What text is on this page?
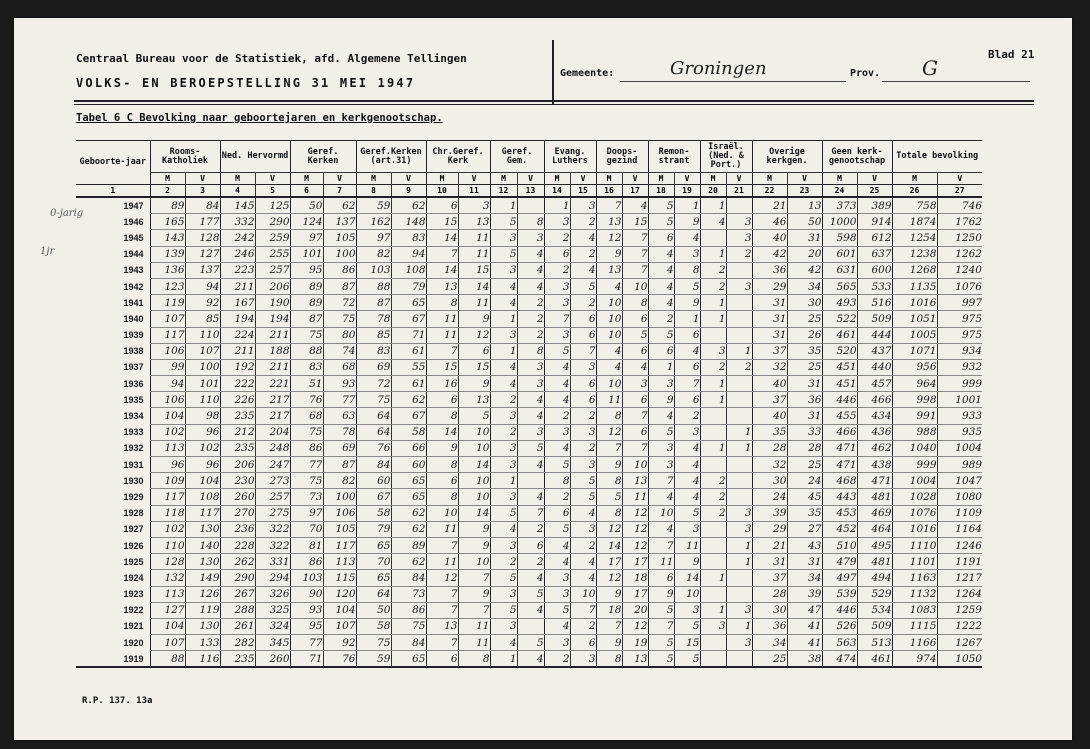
Centraal Bureau voor de Statistiek, afd. Algemene Tellingen
VOLKS- EN BEROEPSTELLING 31 MEI 1947
Gemeente:	Groningen	Prov. G
Blad 21
Tabel 6 C Bevolking naar geboortejaren en kerkgenootschap.
0-jarig
1jr
Geboorte-jaar	Rooms-Katholiek		Ned. Hervormd		Geref. Kerken		Geref.Kerken (art.31)		Chr.Geref. Kerk		Geref. Gem.		Evang. Luthers		Doops-gezind		Remon-strant		Israël. (Ned. & Port.)		Overige kerkgen.		Geen kerk-genootschap		Totale bevolking	
	M	V	M	V	M	V	M	V	M	V	M	V	M	V	M	V	M	V	M	V	M	V	M	V	M	V
1	2	3	4	5	6	7	8	9	10	11	12	13	14	15	16	17	18	19	20	21	22	23	24	25	26	27
1947	89	84	145	125	50	62	59	62	6	3	1		1	3	7	4	5	1	1		21	13	373	389	758	746
1946	165	177	332	290	124	137	162	148	15	13	5	8	3	2	13	15	5	9	4	3	46	50	1000	914	1874	1762
1945	143	128	242	259	97	105	97	83	14	11	3	3	2	4	12	7	6	4		3	40	31	598	612	1254	1250
1944	139	127	246	255	101	100	82	94	7	11	5	4	6	2	9	7	4	3	1	2	42	20	601	637	1238	1262
1943	136	137	223	257	95	86	103	108	14	15	3	4	2	4	13	7	4	8	2		36	42	631	600	1268	1240
1942	123	94	211	206	89	87	88	79	13	14	4	4	3	5	4	10	4	5	2	3	29	34	565	533	1135	1076
1941	119	92	167	190	89	72	87	65	8	11	4	2	3	2	10	8	4	9	1		31	30	493	516	1016	997
1940	107	85	194	194	87	75	78	67	11	9	1	2	7	6	10	6	2	1	1		31	25	522	509	1051	975
1939	117	110	224	211	75	80	85	71	11	12	3	2	3	6	10	5	5	6			31	26	461	444	1005	975
1938	106	107	211	188	88	74	83	61	7	6	1	8	5	7	4	6	6	4	3	1	37	35	520	437	1071	934
1937	99	100	192	211	83	68	69	55	15	15	4	3	4	3	4	4	1	6	2	2	32	25	451	440	956	932
1936	94	101	222	221	51	93	72	61	16	9	4	3	4	6	10	3	3	7	1		40	31	451	457	964	999
1935	106	110	226	217	76	77	75	62	6	13	2	4	4	6	11	6	9	6	1		37	36	446	466	998	1001
1934	104	98	235	217	68	63	64	67	8	5	3	4	2	2	8	7	4	2			40	31	455	434	991	933
1933	102	96	212	204	75	78	64	58	14	10	2	3	3	3	12	6	5	3		1	35	33	466	436	988	935
1932	113	102	235	248	86	69	76	66	9	10	3	5	4	2	7	7	3	4	1	1	28	28	471	462	1040	1004
1931	96	96	206	247	77	87	84	60	8	14	3	4	5	3	9	10	3	4			32	25	471	438	999	989
1930	109	104	230	273	75	82	60	65	6	10	1		8	5	8	13	7	4	2		30	24	468	471	1004	1047
1929	117	108	260	257	73	100	67	65	8	10	3	4	2	5	5	11	4	4	2		24	45	443	481	1028	1080
1928	118	117	270	275	97	106	58	62	10	14	5	7	6	4	8	12	10	5	2	3	39	35	453	469	1076	1109
1927	102	130	236	322	70	105	79	62	11	9	4	2	5	3	12	12	4	3		3	29	27	452	464	1016	1164
1926	110	140	228	322	81	117	65	89	7	9	3	6	4	2	14	12	7	11		1	21	43	510	495	1110	1246
1925	128	130	262	331	86	113	70	62	11	10	2	2	4	4	17	17	11	9		1	31	31	479	481	1101	1191
1924	132	149	290	294	103	115	65	84	12	7	5	4	3	4	12	18	6	14	1		37	34	497	494	1163	1217
1923	113	126	267	326	90	120	64	73	7	9	3	5	3	10	9	17	9	10			28	39	539	529	1132	1264
1922	127	119	288	325	93	104	50	86	7	7	5	4	5	7	18	20	5	3	1	3	30	47	446	534	1083	1259
1921	104	130	261	324	95	107	58	75	13	11	3		4	2	7	12	7	5	3	1	36	41	526	509	1115	1222
1920	107	133	282	345	77	92	75	84	7	11	4	5	3	6	9	19	5	15		3	34	41	563	513	1166	1267
1919	88	116	235	260	71	76	59	65	6	8	1	4	2	3	8	13	5	5			25	38	474	461	974	1050
R.P. 137. 13a
